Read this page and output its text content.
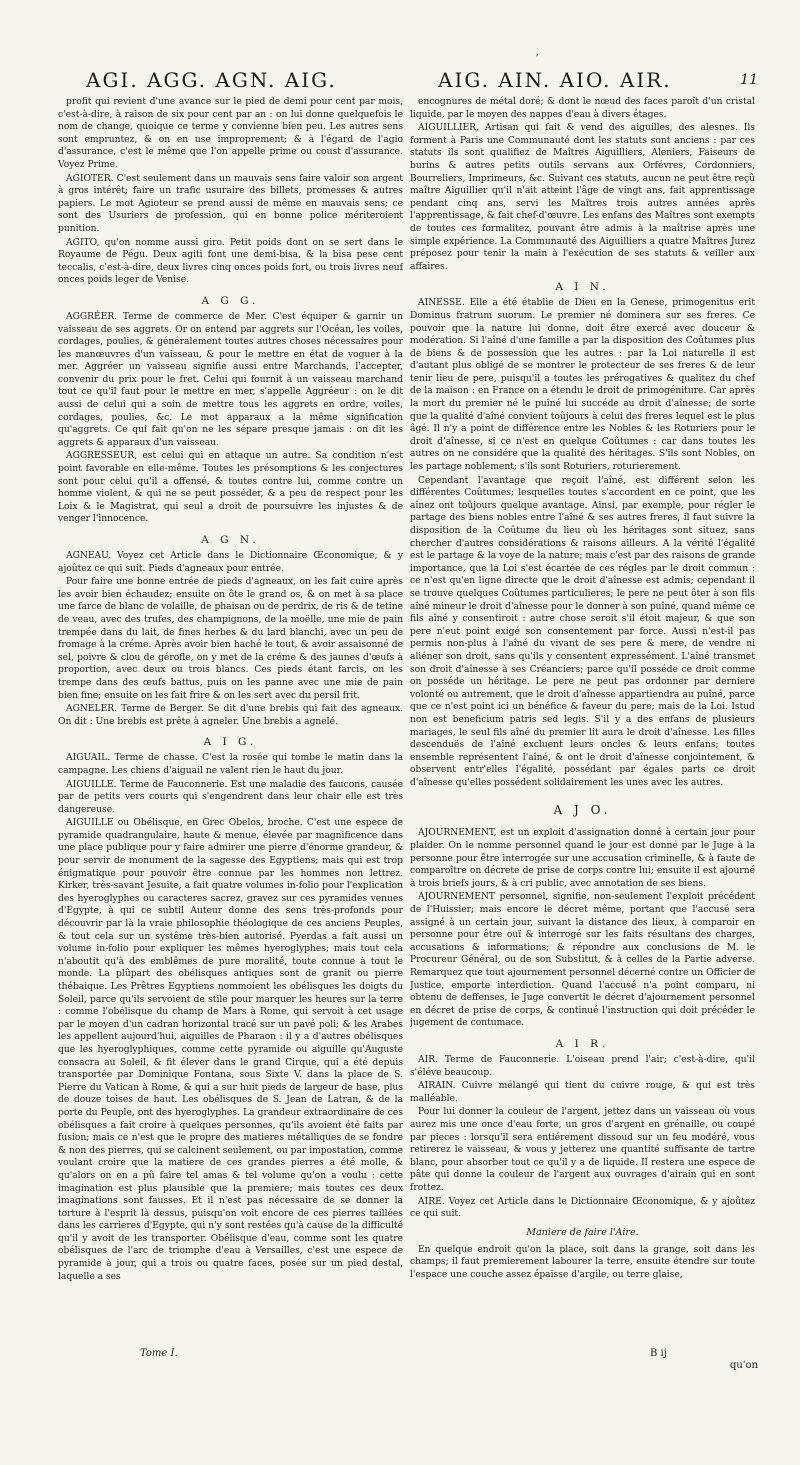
,
AGI. AGG. AGN. AIG.	AIG. AIN. AIO. AIR.	11
profit qui revient d'une avance sur le pied de demi pour cent par mois, c'est-à-dire, à raison de six pour cent par an : on lui donne quelquefois le nom de change, quoique ce terme y convienne bien peu. Les autres sens sont empruntez, & on en use improprement; & à l'égard de l'agio d'assurance, c'est le même que l'on appelle prime ou coust d'assurance. Voyez Prime.
AGIOTER. C'est seulement dans un mauvais sens faire valoir son argent à gros intérêt; faire un trafic usuraire des billets, promesses & autres papiers. Le mot Agioteur se prend aussi de même en mauvais sens; ce sont des Usuriers de profession, qui en bonne police mériteroient punition.
AGITO, qu'on nomme aussi giro. Petit poids dont on se sert dans le Royaume de Pégu. Deux agiti font une demi-bisa, & la bisa pese cent teccalis, c'est-à-dire, deux livres cinq onces poids fort, ou trois livres neuf onces poids leger de Venise.
A G G.
AGGRÉER. Terme de commerce de Mer. C'est équiper & garnir un vaisseau de ses aggrets. Or on entend par aggrets sur l'Océan, les voiles, cordages, poulies, & généralement toutes autres choses nécessaires pour les manœuvres d'un vaisseau, & pour le mettre en état de voguer à la mer. Aggréer un vaisseau signifie aussi entre Marchands, l'accepter, convenir du prix pour le fret. Celui qui fournit à un vaisseau marchand tout ce qu'il faut pour le mettre en mer, s'appelle Aggréeur : on le dit aussi de celui qui a soin de mettre tous les aggrets en ordre, voiles, cordages, poulies, &c. Le mot apparaux a la même signification qu'aggrets. Ce qui fait qu'on ne les sépare presque jamais : on dit les aggrets & apparaux d'un vaisseau.
AGGRESSEUR, est celui qui en attaque un autre. Sa condition n'est point favorable en elle-même. Toutes les présomptions & les conjectures sont pour celui qu'il a offensé, & toutes contre lui, comme contre un homme violent, & qui ne se peut posséder, & a peu de respect pour les Loix & le Magistrat, qui seul a droit de poursuivre les injustes & de venger l'innocence.
A G N.
AGNEAU. Voyez cet Article dans le Dictionnaire Œconomique, & y ajoûtez ce qui suit. Pieds d'agneaux pour entrée.
Pour faire une bonne entrée de pieds d'agneaux, on les fait cuire après les avoir bien échaudez; ensuite on ôte le grand os, & on met à sa place une farce de blanc de volaille, de phaisan ou de perdrix, de ris & de tetine de veau, avec des trufes, des champignons, de la moëlle, une mie de pain trempée dans du lait, de fines herbes & du lard blanchi, avec un peu de fromage à la créme. Après avoir bien haché le tout, & avoir assaisonné de sel, poivre & clou de gérofle, on y met de la créme & des jaunes d'œufs à proportion, avec deux ou trois blancs. Ces pieds étant farcis, on les trempe dans des œufs battus, puis on les panne avec une mie de pain bien fine; ensuite on les fait frire & on les sert avec du persil frit.
AGNELER. Terme de Berger. Se dit d'une brebis qui fait des agneaux. On dit : Une brebis est prête à agneler. Une brebis a agnelé.
A I G.
AIGUAIL. Terme de chasse. C'est la rosée qui tombe le matin dans la campagne. Les chiens d'aiguail ne valent rien le haut du jour.
AIGUILLE. Terme de Fauconnerie. Est une maladie des faucons, causée par de petits vers courts qui s'engendrent dans leur chair elle est très dangereuse.
AIGUILLE ou Obélisque, en Grec Obelos, broche. C'est une espece de pyramide quadrangulaire, haute & menue, élevée par magnificence dans une place publique pour y faire admirer une pierre d'énorme grandeur, & pour servir de monument de la sagesse des Egyptiens; mais qui est trop énigmatique pour pouvoir être connue par les hommes non lettrez. Kirker, très-savant Jesuite, a fait quatre volumes in-folio pour l'explication des hyeroglyphes ou caracteres sacrez, gravez sur ces pyramides venues d'Egypte, à qui ce subtil Auteur donne des sens très-profonds pour découvrir par là la vraie philosophie théologique de ces anciens Peuples, & tout cela sur un systême très-bien autorisé. Pyerdas a fait aussi un volume in-folio pour expliquer les mêmes hyeroglyphes; mais tout cela n'aboutit qu'à des emblêmes de pure moralité, toute connue à tout le monde. La plûpart des obélisques antiques sont de granit ou pierre thébaique. Les Prêtres Egyptiens nommoient les obélisques les doigts du Soleil, parce qu'ils servoient de stile pour marquer les heures sur la terre : comme l'obélisque du champ de Mars à Rome, qui servoit à cet usage par le moyen d'un cadran horizontal tracé sur un pavé poli; & les Arabes les appellent aujourd'hui, aiguilles de Pharaon : il y a d'autres obélisques que les hyeroglyphiques, comme cette pyramide ou aiguille qu'Auguste consacra au Soleil, & fit élever dans le grand Cirque, qui a été depuis transportée par Dominique Fontana, sous Sixte V. dans la place de S. Pierre du Vatican à Rome, & qui a sur huit pieds de largeur de base, plus de douze toises de haut. Les obélisques de S. Jean de Latran, & de la porte du Peuple, ont des hyeroglyphes. La grandeur extraordinaire de ces obélisques a fait croire à quelques personnes, qu'ils avoient été faits par fusion; mais ce n'est que le propre des matieres métalliques de se fondre & non des pierres, qui se calcinent seulement, ou par impostation, comme voulant croire que la matiere de ces grandes pierres a été molle, & qu'alors on en a pû faire tel amas & tel volume qu'on a voulu : cette imagination est plus plausible que la premiere; mais toutes ces deux imaginations sont fausses. Et il n'est pas nécessaire de se donner la torture à l'esprit là dessus, puisqu'on voit encore de ces pierres taillées dans les carrieres d'Egypte, qui n'y sont restées qu'à cause de la difficulté qu'il y avoit de les transporter. Obélisque d'eau, comme sont les quatre obélisques de l'arc de triomphe d'eau à Versailles, c'est une espece de pyramide à jour, qui a trois ou quatre faces, posée sur un pied destal, laquelle a ses
encognures de métal doré; & dont le nœud des faces paroît d'un cristal liquide, par le moyen des nappes d'eau à divers étages.
AIGUILLIER, Artisan qui fait & vend des aiguilles, des alesnes. Ils forment à Paris une Communauté dont les statuts sont anciens : par ces statuts ils sont qualifiez de Maîtres Aiguilliers, Aleniers, Faiseurs de burins & autres petits outils servans aux Orfévres, Cordonniers, Bourreliers, Imprimeurs, &c. Suivant ces statuts, aucun ne peut être reçû maître Aiguillier qu'il n'ait atteint l'âge de vingt ans, fait apprentissage pendant cinq ans, servi les Maîtres trois autres années après l'apprentissage, & fait chef-d'œuvre. Les enfans des Maîtres sont exempts de toutes ces formalitez, pouvant être admis à la maîtrise après une simple expérience. La Communauté des Aiguilliers a quatre Maîtres Jurez préposez pour tenir la main à l'exécution de ses statuts & veiller aux affaires.
A I N.
AINESSE. Elle a été établie de Dieu en la Genese, primogenitus erit Dominus fratrum suorum. Le premier né dominera sur ses freres. Ce pouvoir que la nature lui donne, doit être exercé avec douceur & modération. Si l'aîné d'une famille a par la disposition des Coûtumes plus de biens & de possession que les autres : par la Loi naturelle il est d'autant plus obligé de se montrer le protecteur de ses freres & de leur tenir lieu de pere, puisqu'il a toutes les prérogatives & qualitez du chef de la maison : en France on a étendu le droit de primogéniture. Car après la mort du premier né le puîné lui succéde au droit d'aînesse; de sorte que la qualité d'aîné convient toûjours à celui des freres lequel est le plus âgé. Il n'y a point de différence entre les Nobles & les Roturiers pour le droit d'aînesse, si ce n'est en quelque Coûtumes : car dans toutes les autres on ne considére que la qualité des héritages. S'ils sont Nobles, on les partage noblement; s'ils sont Roturiers, roturierement.
Cependant l'avantage que reçoit l'aîné, est différent selon les différentes Coûtumes; lesquelles toutes s'accordent en ce point, que les aînez ont toûjours quelque avantage. Ainsi, par exemple, pour régler le partage des biens nobles entre l'aîné & ses autres freres, il faut suivre la disposition de la Coûtume du lieu où les héritages sont situez, sans chercher d'autres considérations & raisons ailleurs. A la vérité l'égalité est le partage & la voye de la nature; mais c'est par des raisons de grande importance, que la Loi s'est écartée de ces régles par le droit commun : ce n'est qu'en ligne directe que le droit d'aînesse est admis; cependant il se trouve quelques Coûtumes particulieres; le pere ne peut ôter à son fils aîné mineur le droit d'aînesse pour le donner à son puîné, quand même ce fils aîné y consentiroit : autre chose seroit s'il étoit majeur, & que son pere n'eut point exigé son consentement par force. Aussi n'est-il pas permis non-plus à l'aîné du vivant de ses pere & mere, de vendre ni aliéner son droit, sans qu'ils y consentent expressément. L'aîné transmet son droit d'aînesse à ses Créanciers; parce qu'il posséde ce droit comme on posséde un héritage. Le pere ne peut pas ordonner par derniere volonté ou autrement, que le droit d'aînesse appartiendra au puîné, parce que ce n'est point ici un bénéfice & faveur du pere; mais de la Loi. Istud non est beneficium patris sed legis. S'il y a des enfans de plusieurs mariages, le seul fils aîné du premier lit aura le droit d'aînesse. Les filles descenduës de l'aîné excluent leurs oncles & leurs enfans; toutes ensemble représentent l'aîné, & ont le droit d'aînesse conjointement, & observent entr'elles l'égalité, possédant par égales parts ce droit d'aînesse qu'elles possédent solidairement les unes avec les autres.
A J O.
AJOURNEMENT, est un exploit d'assignation donné à certain jour pour plaider. On le nomme personnel quand le jour est donné par le Juge à la personne pour être interrogée sur une accusation criminelle, & à faute de comparoître on décrete de prise de corps contre lui; ensuite il est ajourné à trois briefs jours, & à cri public, avec annotation de ses biens.
AJOURNEMENT personnel, signifie, non-seulement l'exploit précédent de l'Huissier; mais encore le décret même, portant que l'accusé sera assigné à un certain jour, suivant la distance des lieux, à comparoir en personne pour être ouï & interrogé sur les faits résultans des charges, accusations & informations; & répondre aux conclusions de M. le Procureur Général, ou de son Substitut, & à celles de la Partie adverse. Remarquez que tout ajournement personnel décerné contre un Officier de Justice, emporte interdiction. Quand l'accusé n'a point comparu, ni obtenu de deffenses, le Juge convertit le décret d'ajournement personnel en décret de prise de corps, & continué l'instruction qui doit précéder le jugement de contumace.
A I R.
AIR. Terme de Fauconnerie. L'oiseau prend l'air; c'est-à-dire, qu'il s'éléve beaucoup.
AIRAIN. Cuivre mélangé qui tient du cuivre rouge, & qui est très malléable.
Pour lui donner la couleur de l'argent, jettez dans un vaisseau où vous aurez mis une once d'eau forte, un gros d'argent en grénaille, ou coupé par pieces : lorsqu'il sera entiérement dissoud sur un feu modéré, vous retirerez le vaisseau, & vous y jetterez une quantité suffisante de tartre blanc, pour absorber tout ce qu'il y a de liquide. Il restera une espece de pâte qui donne la couleur de l'argent aux ouvrages d'airain qui en sont frottez.
AIRE. Voyez cet Article dans le Dictionnaire Œconomique, & y ajoûtez ce qui suit.
Maniere de faire l'Aire.
En quelque endroit qu'on la place, soit dans la grange, soit dans les champs; il faut premierement labourer la terre, ensuite étendre sur toute l'espace une couche assez épaisse d'argile, ou terre glaise,
Tome I.	B ij
qu'on
